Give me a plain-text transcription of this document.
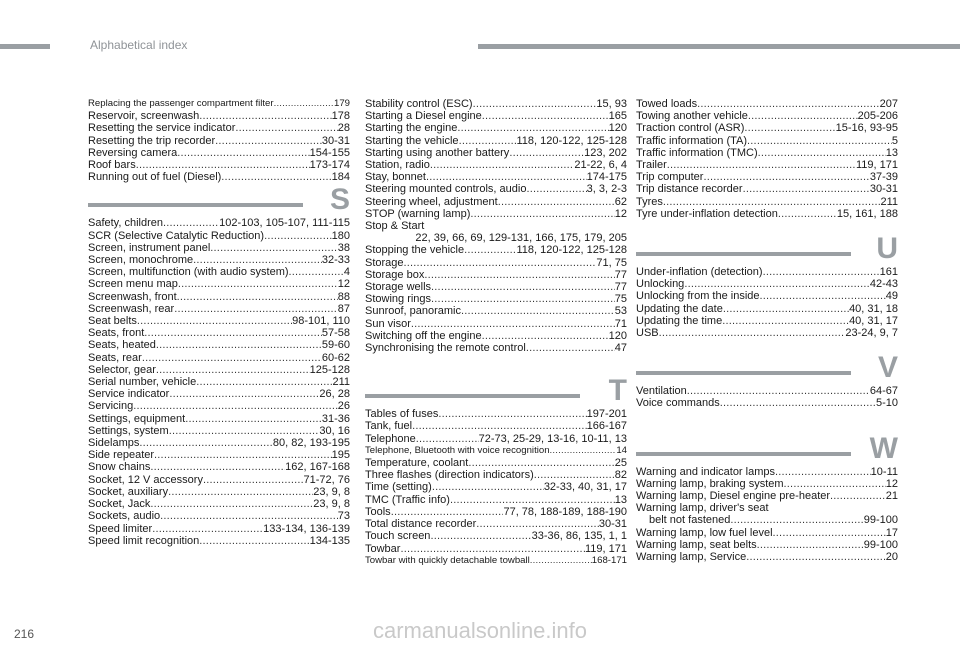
Alphabetical index
Replacing the passenger compartment filter .....	179
Reservoir, screenwash .....	178
Resetting the service indicator .....	28
Resetting the trip recorder .....	30-31
Reversing camera .....	154-155
Roof bars .....	173-174
Running out of fuel (Diesel) .....	184
S
Safety, children .....	102-103, 105-107, 111-115
SCR (Selective Catalytic Reduction) .....	180
Screen, instrument panel .....	38
Screen, monochrome .....	32-33
Screen, multifunction (with audio system) .....	4
Screen menu map .....	12
Screenwash, front .....	88
Screenwash, rear .....	87
Seat belts .....	98-101, 110
Seats, front .....	57-58
Seats, heated .....	59-60
Seats, rear .....	60-62
Selector, gear .....	125-128
Serial number, vehicle .....	211
Service indicator .....	26, 28
Servicing .....	26
Settings, equipment .....	31-36
Settings, system .....	30, 16
Sidelamps .....	80, 82, 193-195
Side repeater .....	195
Snow chains .....	162, 167-168
Socket, 12 V accessory .....	71-72, 76
Socket, auxiliary .....	23, 9, 8
Socket, Jack .....	23, 9, 8
Sockets, audio .....	73
Speed limiter .....	133-134, 136-139
Speed limit recognition .....	134-135
Stability control (ESC) .....	15, 93
Starting a Diesel engine .....	165
Starting the engine .....	120
Starting the vehicle .....	118, 120-122, 125-128
Starting using another battery .....	123, 202
Station, radio .....	21-22, 6, 4
Stay, bonnet .....	174-175
Steering mounted controls, audio .....	3, 3, 2-3
Steering wheel, adjustment .....	62
STOP (warning lamp) .....	12
Stop & Start
22, 39, 66, 69, 129-131, 166, 175, 179, 205
Stopping the vehicle .....	118, 120-122, 125-128
Storage .....	71, 75
Storage box .....	77
Storage wells .....	77
Stowing rings .....	75
Sunroof, panoramic .....	53
Sun visor .....	71
Switching off the engine .....	120
Synchronising the remote control .....	47
T
Tables of fuses .....	197-201
Tank, fuel .....	166-167
Telephone .....	72-73, 25-29, 13-16, 10-11, 13
Telephone, Bluetooth with voice recognition .....	14
Temperature, coolant .....	25
Three flashes (direction indicators) .....	82
Time (setting) .....	32-33, 40, 31, 17
TMC (Traffic info) .....	13
Tools .....	77, 78, 188-189, 188-190
Total distance recorder .....	30-31
Touch screen .....	33-36, 86, 135, 1, 1
Towbar .....	119, 171
Towbar with quickly detachable towball .....	168-171
Towed loads .....	207
Towing another vehicle .....	205-206
Traction control (ASR) .....	15-16, 93-95
Traffic information (TA) .....	5
Traffic information (TMC) .....	13
Trailer .....	119, 171
Trip computer .....	37-39
Trip distance recorder .....	30-31
Tyres .....	211
Tyre under-inflation detection .....	15, 161, 188
U
Under-inflation (detection) .....	161
Unlocking .....	42-43
Unlocking from the inside .....	49
Updating the date .....	40, 31, 18
Updating the time .....	40, 31, 17
USB .....	23-24, 9, 7
V
Ventilation .....	64-67
Voice commands .....	5-10
W
Warning and indicator lamps .....	10-11
Warning lamp, braking system .....	12
Warning lamp, Diesel engine pre-heater .....	21
Warning lamp, driver's seat
belt not fastened .....	99-100
Warning lamp, low fuel level .....	17
Warning lamp, seat belts .....	99-100
Warning lamp, Service .....	20
216	carmanualsonline.info
